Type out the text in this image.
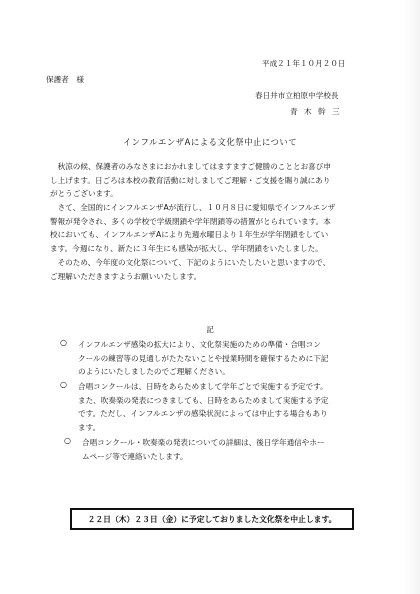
平成２１年１０月２０日
保護者　様
春日井市立柏原中学校長
青 木 幹 三
インフルエンザAによる文化祭中止について
　秋涼の候、保護者のみなさまにおかれましてはますますご健勝のこととお喜び申
し上げます。日ごろは本校の教育活動に対しましてご理解・ご支援を賜り誠にあり
がとうございます。
　さて、全国的にインフルエンザAが流行し、１０月８日に愛知県でインフルエンザ
警報が発令され、多くの学校で学級閉鎖や学年閉鎖等の措置がとられています。本
校においても、インフルエンザAにより先週水曜日より１年生が学年閉鎖をしてい
ます。今週になり、新たに３年生にも感染が拡大し、学年閉鎖をいたしました。
　そのため、今年度の文化祭について、下記のようにいたしたいと思いますので、
ご理解いただきますようお願いいたします。
記
○ インフルエンザ感染の拡大により、文化祭実施のための準備・合唱コン
クールの練習等の見通しがたたないことや授業時間を確保するために下記
のようにいたしましたのでご理解ください。
○ 合唱コンクールは、日時をあらためまして学年ごとで実施する予定です。
また、吹奏楽の発表につきましても、日時をあらためまして実施する予定
です。ただし、インフルエンザの感染状況によっては中止する場合もあり
ます。
○ 合唱コンクール・吹奏楽の発表についての詳細は、後日学年通信やホー
ムページ等で連絡いたします。
２２日（木）２３日（金）に予定しておりました文化祭を中止します。
